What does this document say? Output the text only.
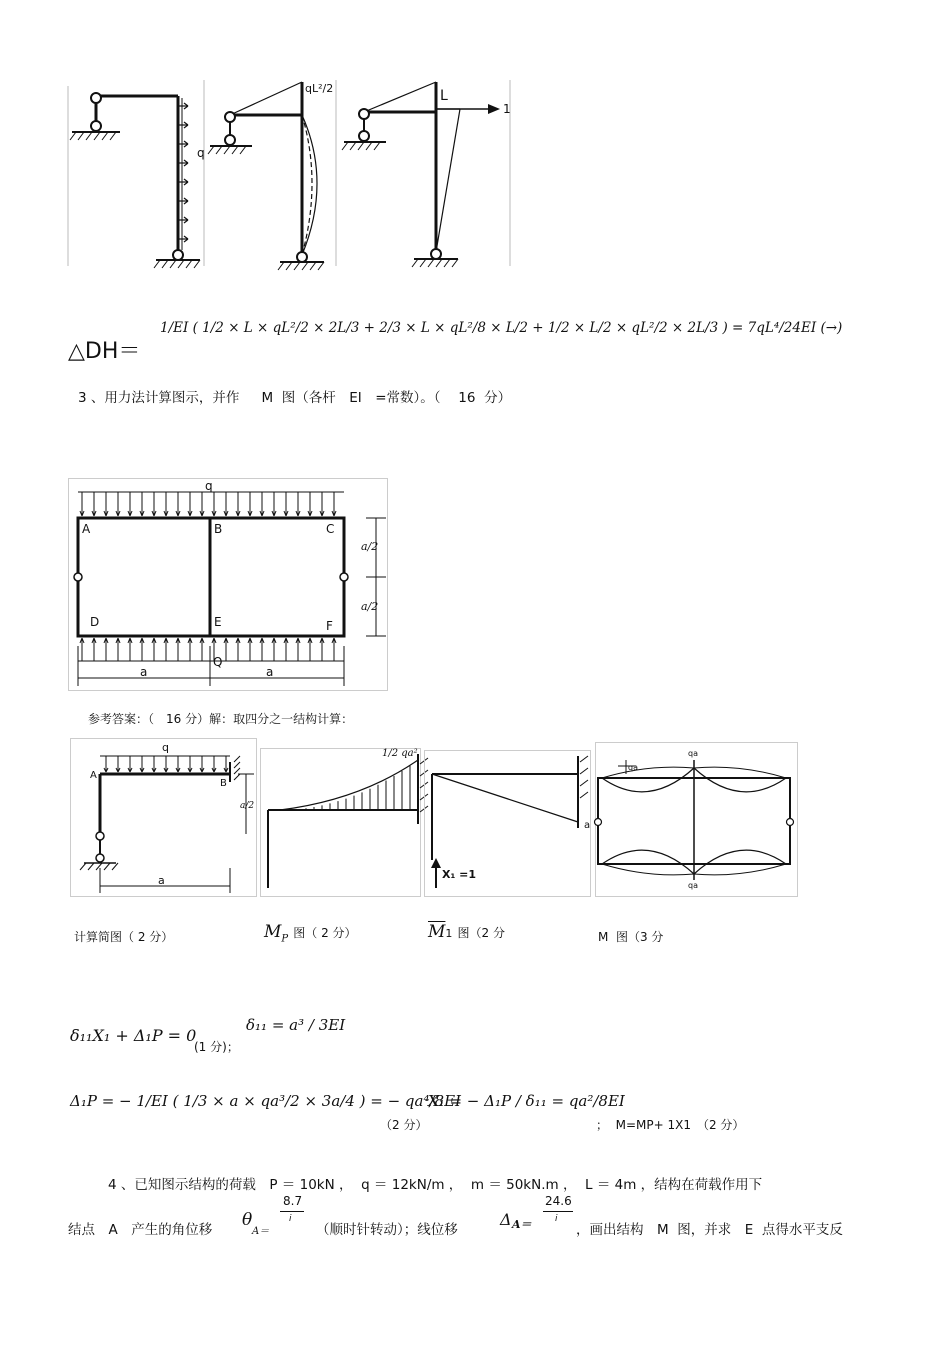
q
qL²/2	L
1
△DH＝
1/EI ( 1/2 × L × qL²/2 × 2L/3 + 2/3 × L × qL²/8 × L/2 + 1/2 × L/2 × qL²/2 × 2L/3 ) = 7qL⁴/24EI (→)
3 、用力法计算图示，并作　  M  图（各杆　EI　=常数）。（　 16  分）
q
Q
A	B	C
D	E	F
a/2
a/2
a	a
参考答案：（　16 分）解：取四分之一结构计算：
q
A
B
a/2
a
1/2 qa²
a
X₁ =1
qa
qa
qa
计算简图（ 2 分）	$M_P$ 图（ 2 分）	$\overline{M}1$ 图（2 分	M  图（3 分
δ₁₁X₁ + Δ₁P = 0
(1 分)；
δ₁₁ = a³ / 3EI
Δ₁P = − 1/EI ( 1/3 × a × qa³/2 × 3a/4 ) = − qa⁴/8EI
（2 分）
X₁ = − Δ₁P / δ₁₁ = qa²/8EI
；  M=MP+ 1X1　（2 分）
4 、已知图示结构的荷载　P ＝ 10kN ，  q ＝ 12kN/m ，  m ＝ 50kN.m ，  L ＝ 4m ，结构在荷载作用下
结点　A　产生的角位移 θ
A＝
8.7
i
（顺时针转动）；线位移
Δ A＝
24.6
i
，画出结构　M  图，并求　E  点得水平支反
